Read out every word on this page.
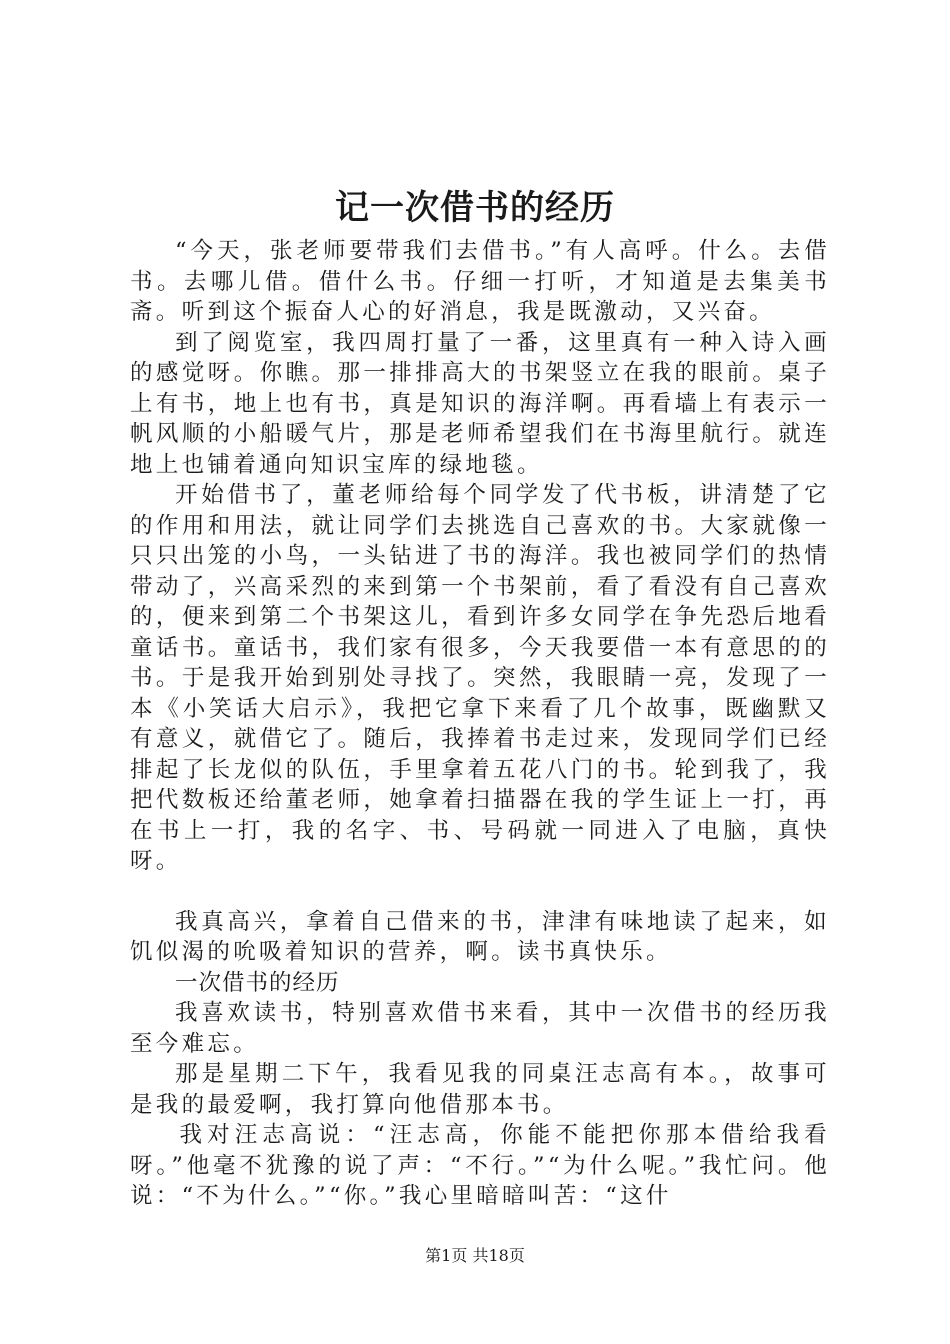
记一次借书的经历

“今天，张老师要带我们去借书。”有人高呼。什么。去借书。去哪儿借。借什么书。仔细一打听，才知道是去集美书斋。听到这个振奋人心的好消息，我是既激动，又兴奋。

到了阅览室，我四周打量了一番，这里真有一种入诗入画的感觉呀。你瞧。那一排排高大的书架竖立在我的眼前。桌子上有书，地上也有书，真是知识的海洋啊。再看墙上有表示一帆风顺的小船暖气片，那是老师希望我们在书海里航行。就连地上也铺着通向知识宝库的绿地毯。

开始借书了，董老师给每个同学发了代书板，讲清楚了它的作用和用法，就让同学们去挑选自己喜欢的书。大家就像一只只出笼的小鸟，一头钻进了书的海洋。我也被同学们的热情带动了，兴高采烈的来到第一个书架前，看了看没有自己喜欢的，便来到第二个书架这儿，看到许多女同学在争先恐后地看童话书。童话书，我们家有很多，今天我要借一本有意思的的书。于是我开始到别处寻找了。突然，我眼睛一亮，发现了一本《小笑话大启示》，我把它拿下来看了几个故事，既幽默又有意义，就借它了。随后，我捧着书走过来，发现同学们已经排起了长龙似的队伍，手里拿着五花八门的书。轮到我了，我把代数板还给董老师，她拿着扫描器在我的学生证上一打，再在书上一打，我的名字、书、号码就一同进入了电脑，真快呀。

我真高兴，拿着自己借来的书，津津有味地读了起来，如饥似渴的吮吸着知识的营养，啊。读书真快乐。

一次借书的经历

我喜欢读书，特别喜欢借书来看，其中一次借书的经历我至今难忘。

那是星期二下午，我看见我的同桌汪志高有本。，故事可是我的最爱啊，我打算向他借那本书。

我对汪志高说：“汪志高，你能不能把你那本借给我看呀。”他毫不犹豫的说了声：“不行。”“为什么呢。”我忙问。他说：“不为什么。”“你。”我心里暗暗叫苦：“这什

第1页 共18页
